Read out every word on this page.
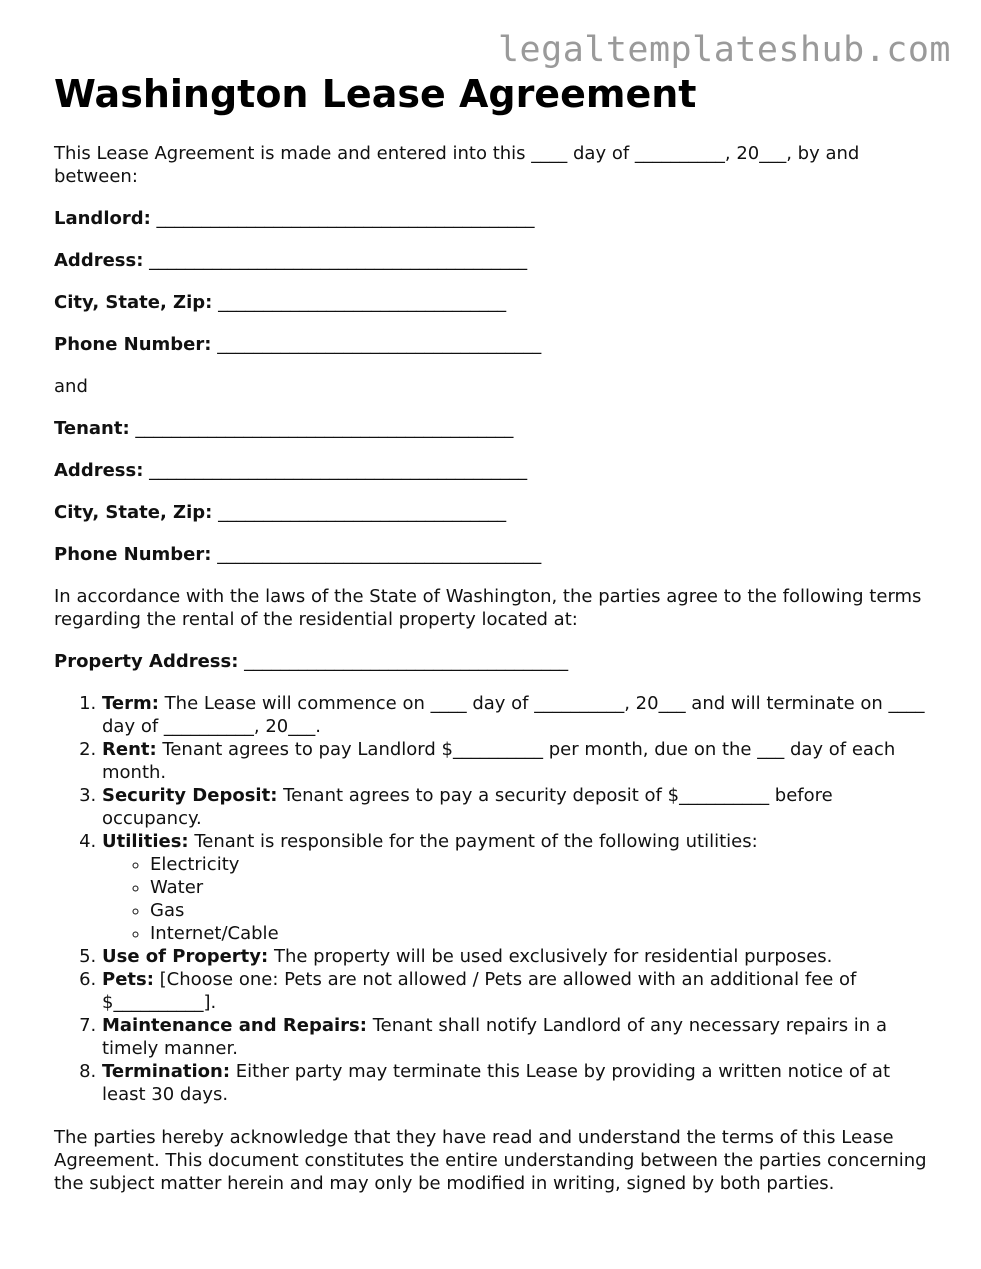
legaltemplateshub.com
Washington Lease Agreement

This Lease Agreement is made and entered into this ____ day of __________, 20___, by and between:

Landlord: __________________________________________
Address: __________________________________________
City, State, Zip: ________________________________
Phone Number: ____________________________________

and

Tenant: __________________________________________
Address: __________________________________________
City, State, Zip: ________________________________
Phone Number: ____________________________________

In accordance with the laws of the State of Washington, the parties agree to the following terms regarding the rental of the residential property located at:

Property Address: ____________________________________
1. Term: The Lease will commence on ____ day of __________, 20___ and will terminate on ____ day of __________, 20___.
2. Rent: Tenant agrees to pay Landlord $__________ per month, due on the ___ day of each month.
3. Security Deposit: Tenant agrees to pay a security deposit of $__________ before occupancy.
4. Utilities: Tenant is responsible for the payment of the following utilities:
◦ Electricity
◦ Water
◦ Gas
◦ Internet/Cable
5. Use of Property: The property will be used exclusively for residential purposes.
6. Pets: [Choose one: Pets are not allowed / Pets are allowed with an additional fee of $__________].
7. Maintenance and Repairs: Tenant shall notify Landlord of any necessary repairs in a timely manner.
8. Termination: Either party may terminate this Lease by providing a written notice of at least 30 days.

The parties hereby acknowledge that they have read and understand the terms of this Lease Agreement. This document constitutes the entire understanding between the parties concerning the subject matter herein and may only be modified in writing, signed by both parties.
